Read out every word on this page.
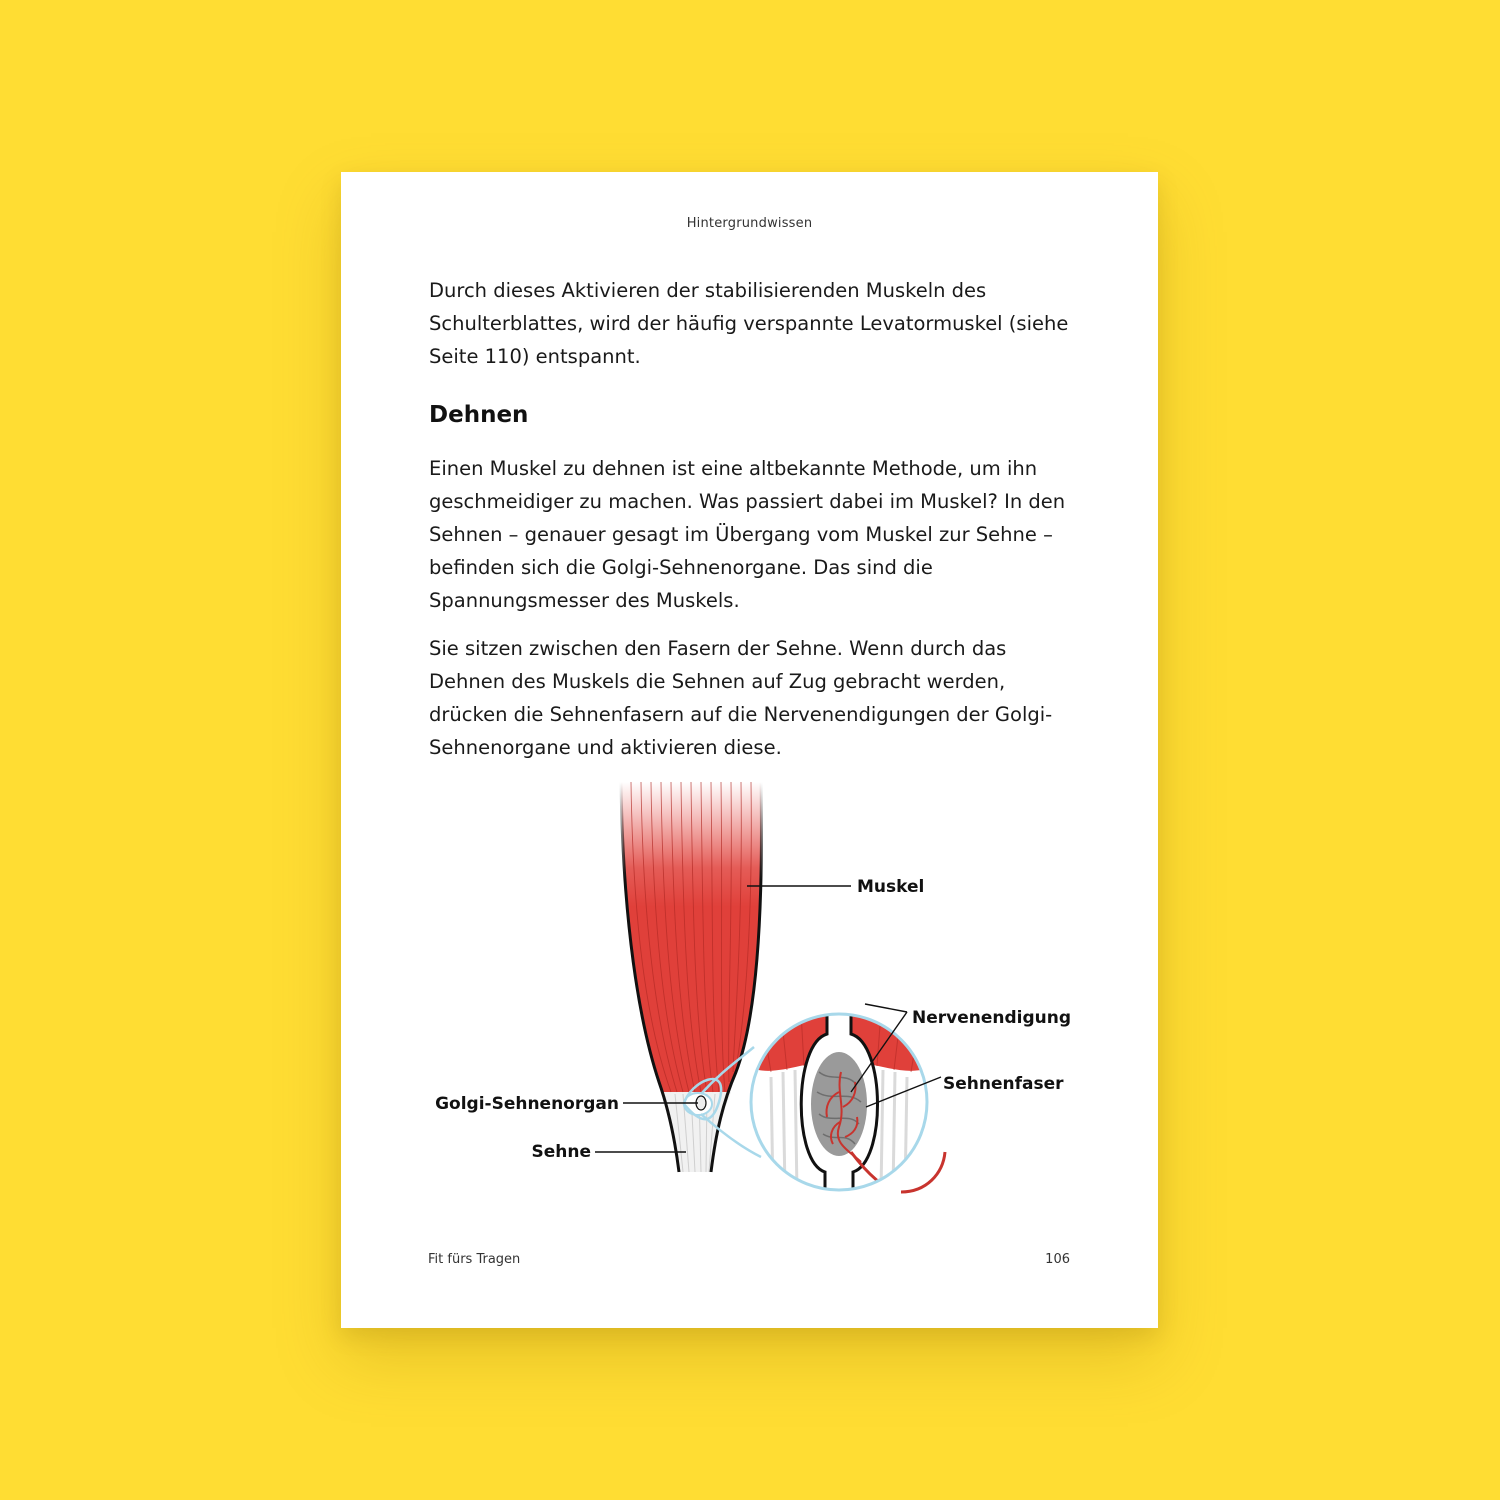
Hintergrundwissen

Durch dieses Aktivieren der stabilisierenden Muskeln des Schulterblattes, wird der häufig verspannte Levatormuskel (siehe Seite 110) entspannt.

Dehnen

Einen Muskel zu dehnen ist eine altbekannte Methode, um ihn geschmeidiger zu machen. Was passiert dabei im Muskel? In den Sehnen – genauer gesagt im Übergang vom Muskel zur Sehne – befinden sich die Golgi-Sehnenorgane. Das sind die Spannungsmesser des Muskels.

Sie sitzen zwischen den Fasern der Sehne. Wenn durch das Dehnen des Muskels die Sehnen auf Zug gebracht werden, drücken die Sehnenfasern auf die Nervenendigungen der Golgi-Sehnenorgane und aktivieren diese.

Muskel
Nervenendigung
Sehnenfaser
Golgi-Sehnenorgan
Sehne
Fit fürs Tragen	106
